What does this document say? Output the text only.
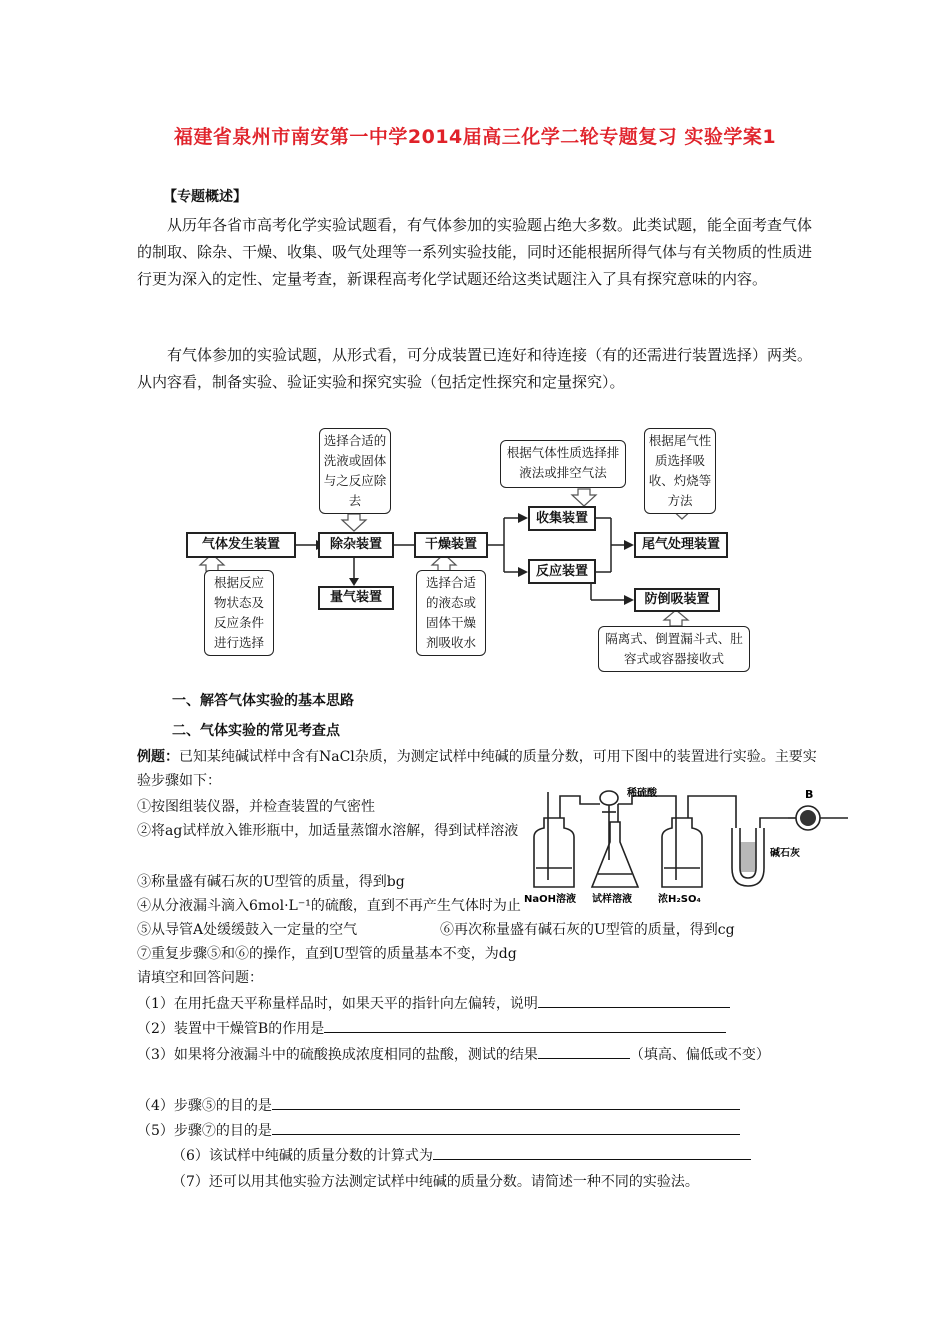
福建省泉州市南安第一中学2014届高三化学二轮专题复习 实验学案1
【专题概述】
从历年各省市高考化学实验试题看，有气体参加的实验题占绝大多数。此类试题，能全面考查气体的制取、除杂、干燥、收集、吸气处理等一系列实验技能，同时还能根据所得气体与有关物质的性质进行更为深入的定性、定量考查，新课程高考化学试题还给这类试题注入了具有探究意味的内容。
有气体参加的实验试题，从形式看，可分成装置已连好和待连接（有的还需进行装置选择）两类。从内容看，制备实验、验证实验和探究实验（包括定性探究和定量探究）。
气体发生装置	除杂装置	干燥装置
收集装置
反应装置
尾气处理装置
量气装置	防倒吸装置
选择合适的洗液或固体与之反应除去
根据气体性质选择排液法或排空气法
根据尾气性质选择吸收、灼烧等方法
根据反应物状态及反应条件进行选择
选择合适的液态或固体干燥剂吸收水	隔离式、倒置漏斗式、肚容式或容器接收式
一、解答气体实验的基本思路
二、气体实验的常见考查点
例题：已知某纯碱试样中含有NaCl杂质，为测定试样中纯碱的质量分数，可用下图中的装置进行实验。主要实验步骤如下：
①按图组装仪器，并检查装置的气密性
②将ag试样放入锥形瓶中，加适量蒸馏水溶解，得到试样溶液
③称量盛有碱石灰的U型管的质量，得到bg
④从分液漏斗滴入6mol·L⁻¹的硫酸，直到不再产生气体时为止
⑤从导管A处缓缓鼓入一定量的空气	⑥再次称量盛有碱石灰的U型管的质量，得到cg
⑦重复步骤⑤和⑥的操作，直到U型管的质量基本不变，为dg
稀硫酸	B
碱石灰
NaOH溶液 试样溶液	浓H₂SO₄
请填空和回答问题：
（1）在用托盘天平称量样品时，如果天平的指针向左偏转，说明
（2）装置中干燥管B的作用是
（3）如果将分液漏斗中的硫酸换成浓度相同的盐酸，测试的结果	（填高、偏低或不变）
（4）步骤⑤的目的是
（5）步骤⑦的目的是
（6）该试样中纯碱的质量分数的计算式为
（7）还可以用其他实验方法测定试样中纯碱的质量分数。请简述一种不同的实验法。
